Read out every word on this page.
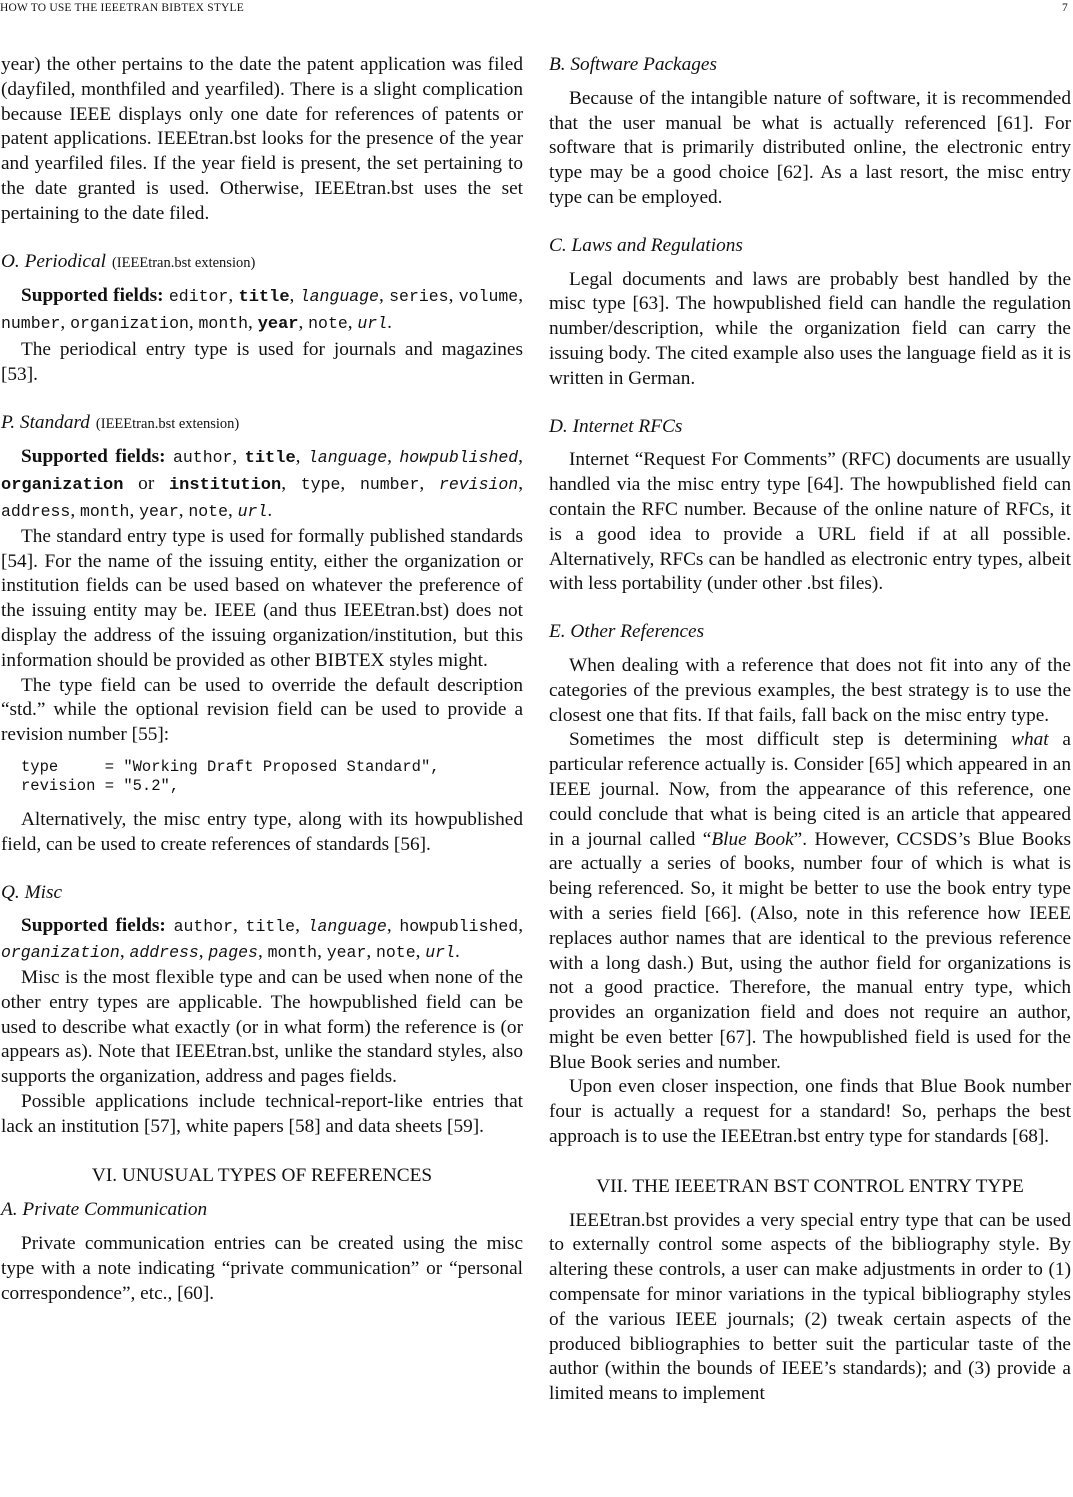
HOW TO USE THE IEEETRAN BIBTEX STYLE	7

year) the other pertains to the date the patent application was filed (dayfiled, monthfiled and yearfiled). There is a slight complication because IEEE displays only one date for references of patents or patent applications. IEEEtran.bst looks for the presence of the year and yearfiled files. If the year field is present, the set pertaining to the date granted is used. Otherwise, IEEEtran.bst uses the set pertaining to the date filed.

O. Periodical (IEEEtran.bst extension)

Supported fields: editor, title, language, series, volume, number, organization, month, year, note, url.

The periodical entry type is used for journals and magazines [53].

P. Standard (IEEEtran.bst extension)

Supported fields: author, title, language, howpublished, organization or institution, type, number, revision, address, month, year, note, url.

The standard entry type is used for formally published standards [54]. For the name of the issuing entity, either the organization or institution fields can be used based on whatever the preference of the issuing entity may be. IEEE (and thus IEEEtran.bst) does not display the address of the issuing organization/institution, but this information should be provided as other BIBTEX styles might.

The type field can be used to override the default description “std.” while the optional revision field can be used to provide a revision number [55]:

type     = "Working Draft Proposed Standard",
revision = "5.2",

Alternatively, the misc entry type, along with its howpublished field, can be used to create references of standards [56].

Q. Misc

Supported fields: author, title, language, howpublished, organization, address, pages, month, year, note, url.

Misc is the most flexible type and can be used when none of the other entry types are applicable. The howpublished field can be used to describe what exactly (or in what form) the reference is (or appears as). Note that IEEEtran.bst, unlike the standard styles, also supports the organization, address and pages fields.

Possible applications include technical-report-like entries that lack an institution [57], white papers [58] and data sheets [59].

VI. UNUSUAL TYPES OF REFERENCES
A. Private Communication

Private communication entries can be created using the misc type with a note indicating “private communication” or “personal correspondence”, etc., [60].

B. Software Packages

Because of the intangible nature of software, it is recommended that the user manual be what is actually referenced [61]. For software that is primarily distributed online, the electronic entry type may be a good choice [62]. As a last resort, the misc entry type can be employed.

C. Laws and Regulations

Legal documents and laws are probably best handled by the misc type [63]. The howpublished field can handle the regulation number/description, while the organization field can carry the issuing body. The cited example also uses the language field as it is written in German.

D. Internet RFCs

Internet “Request For Comments” (RFC) documents are usually handled via the misc entry type [64]. The howpublished field can contain the RFC number. Because of the online nature of RFCs, it is a good idea to provide a URL field if at all possible. Alternatively, RFCs can be handled as electronic entry types, albeit with less portability (under other .bst files).

E. Other References

When dealing with a reference that does not fit into any of the categories of the previous examples, the best strategy is to use the closest one that fits. If that fails, fall back on the misc entry type.

Sometimes the most difficult step is determining what a particular reference actually is. Consider [65] which appeared in an IEEE journal. Now, from the appearance of this reference, one could conclude that what is being cited is an article that appeared in a journal called “Blue Book”. However, CCSDS’s Blue Books are actually a series of books, number four of which is what is being referenced. So, it might be better to use the book entry type with a series field [66]. (Also, note in this reference how IEEE replaces author names that are identical to the previous reference with a long dash.) But, using the author field for organizations is not a good practice. Therefore, the manual entry type, which provides an organization field and does not require an author, might be even better [67]. The howpublished field is used for the Blue Book series and number.

Upon even closer inspection, one finds that Blue Book number four is actually a request for a standard! So, perhaps the best approach is to use the IEEEtran.bst entry type for standards [68].

VII. THE IEEETRAN BST CONTROL ENTRY TYPE

IEEEtran.bst provides a very special entry type that can be used to externally control some aspects of the bibliography style. By altering these controls, a user can make adjustments in order to (1) compensate for minor variations in the typical bibliography styles of the various IEEE journals; (2) tweak certain aspects of the produced bibliographies to better suit the particular taste of the author (within the bounds of IEEE’s standards); and (3) provide a limited means to implement
